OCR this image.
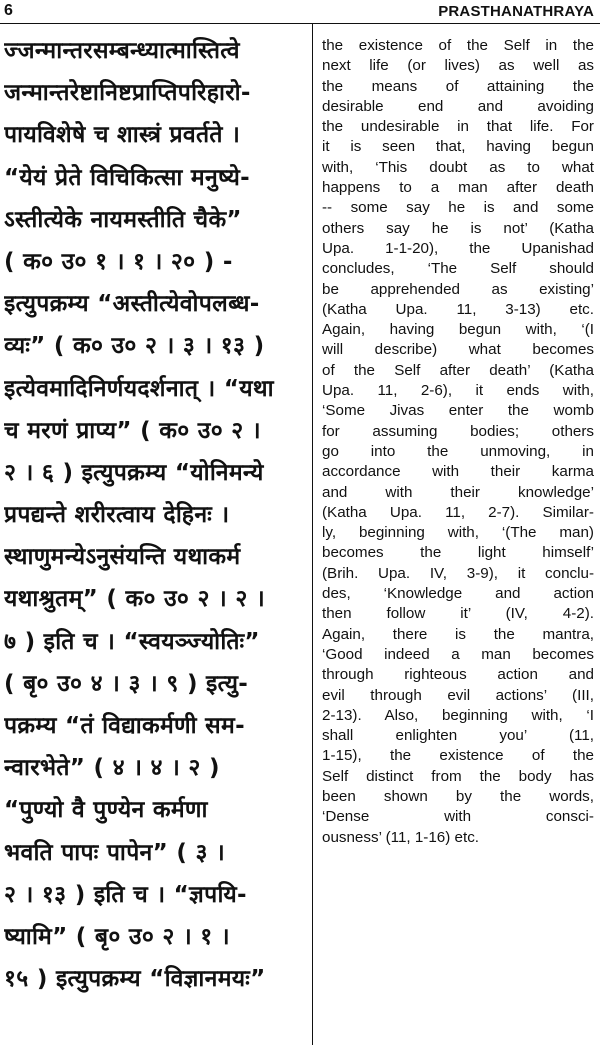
6	PRASTHANATHRAYA
ज्जन्मान्तरसम्बन्ध्यात्मास्तित्वे
जन्मान्तरेष्टानिष्टप्राप्तिपरिहारो-
पायविशेषे च शास्त्रं प्रवर्तते ।
“येयं प्रेते विचिकित्सा मनुष्ये-
ऽस्तीत्येके नायमस्तीति चैके”
( क० उ० १ । १ । २० ) -
इत्युपक्रम्य “अस्तीत्येवोपलब्ध-
व्यः” ( क० उ० २ । ३ । १३ )
इत्येवमादिनिर्णयदर्शनात् । “यथा
च मरणं प्राप्य” ( क० उ० २ ।
२ । ६ ) इत्युपक्रम्य “योनिमन्ये
प्रपद्यन्ते शरीरत्वाय देहिनः ।
स्थाणुमन्येऽनुसंयन्ति यथाकर्म
यथाश्रुतम्” ( क० उ० २ । २ ।
७ ) इति च । “स्वयञ्ज्योतिः”
( बृ० उ० ४ । ३ । ९ ) इत्यु-
पक्रम्य “तं विद्याकर्मणी सम-
न्वारभेते” ( ४ । ४ । २ )
“पुण्यो वै पुण्येन कर्मणा
भवति पापः पापेन” ( ३ ।
२ । १३ ) इति च । “ज्ञपयि-
ष्यामि” ( बृ० उ० २ । १ ।
१५ ) इत्युपक्रम्य “विज्ञानमयः”
the existence of the Self in the
next life (or lives) as well as
the means of attaining the
desirable end and avoiding
the undesirable in that life. For
it is seen that, having begun
with, ‘This doubt as to what
happens to a man after death
-- some say he is and some
others say he is not’ (Katha
Upa. 1-1-20), the Upanishad
concludes, ‘The Self should
be apprehended as existing’
(Katha Upa. 11, 3-13) etc.
Again, having begun with, ‘(I
will describe) what becomes
of the Self after death’ (Katha
Upa. 11, 2-6), it ends with,
‘Some Jivas enter the womb
for assuming bodies; others
go into the unmoving, in
accordance with their karma
and with their knowledge’
(Katha Upa. 11, 2-7). Similar-
ly, beginning with, ‘(The man)
becomes the light himself’
(Brih. Upa. IV, 3-9), it conclu-
des, ‘Knowledge and action
then follow it’ (IV, 4-2).
Again, there is the mantra,
‘Good indeed a man becomes
through righteous action and
evil through evil actions’ (III,
2-13). Also, beginning with, ‘I
shall enlighten you’ (11,
1-15), the existence of the
Self distinct from the body has
been shown by the words,
‘Dense with consci-
ousness’ (11, 1-16) etc.
